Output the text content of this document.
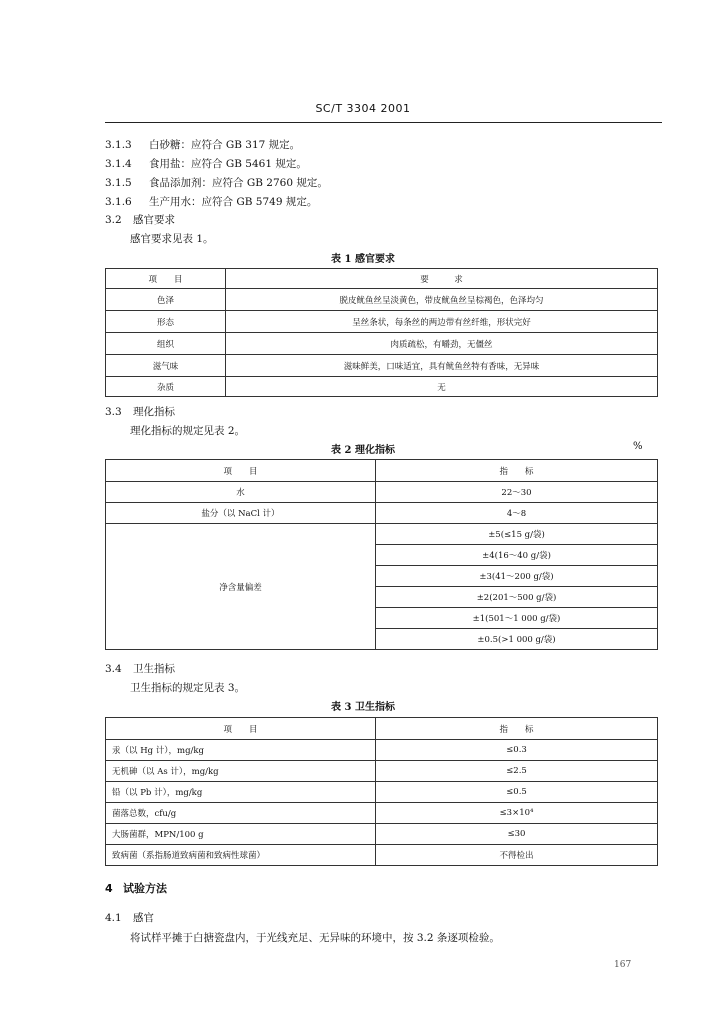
SC/T 3304 2001
3.1.3 白砂糖：应符合 GB 317 规定。
3.1.4 食用盐：应符合 GB 5461 规定。
3.1.5 食品添加剂：应符合 GB 2760 规定。
3.1.6 生产用水：应符合 GB 5749 规定。
3.2 感官要求
感官要求见表 1。
表 1 感官要求
项　　目	要　　　求
色泽	脱皮鱿鱼丝呈淡黄色，带皮鱿鱼丝呈棕褐色，色泽均匀
形态	呈丝条状，每条丝的两边带有丝纤维，形状完好
组织	肉质疏松，有嚼劲，无僵丝
滋气味	滋味鲜美，口味适宜，具有鱿鱼丝特有香味，无异味
杂质	无
3.3 理化指标
理化指标的规定见表 2。
表 2 理化指标	%
项　　目	指　　标
水	22～30
盐分（以 NaCl 计）	4～8
净含量偏差	±5(≤15 g/袋)
	±4(16～40 g/袋)
	±3(41～200 g/袋)
	±2(201～500 g/袋)
	±1(501～1 000 g/袋)
	±0.5(>1 000 g/袋)
3.4 卫生指标
卫生指标的规定见表 3。
表 3 卫生指标
项　　目	指　　标
汞（以 Hg 计），mg/kg	≤0.3
无机砷（以 As 计），mg/kg	≤2.5
铅（以 Pb 计），mg/kg	≤0.5
菌落总数，cfu/g	≤3×10⁴
大肠菌群，MPN/100 g	≤30
致病菌（系指肠道致病菌和致病性球菌）	不得检出
4 试验方法
4.1 感官
将试样平摊于白搪瓷盘内，于光线充足、无异味的环境中，按 3.2 条逐项检验。
167
